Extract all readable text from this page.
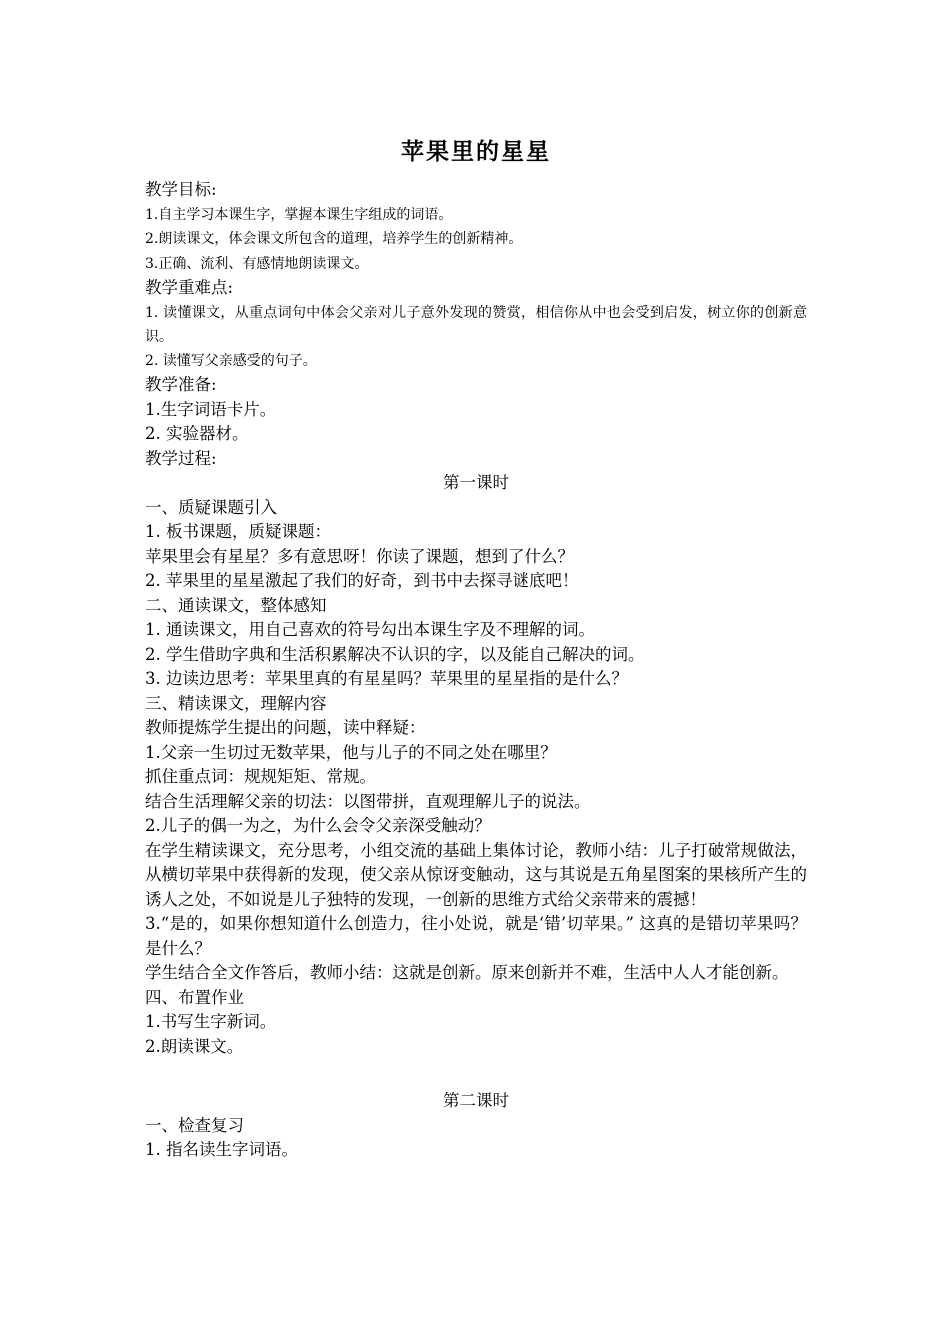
苹果里的星星

教学目标:

1.自主学习本课生字，掌握本课生字组成的词语。

2.朗读课文，体会课文所包含的道理，培养学生的创新精神。

3.正确、流利、有感情地朗读课文。

教学重难点:

1. 读懂课文，从重点词句中体会父亲对儿子意外发现的赞赏，相信你从中也会受到启发，树立你的创新意识。

2. 读懂写父亲感受的句子。

教学准备:

1.生字词语卡片。

2. 实验器材。

教学过程:

第一课时

一、质疑课题引入

1. 板书课题，质疑课题：

苹果里会有星星？多有意思呀！你读了课题，想到了什么？

2. 苹果里的星星激起了我们的好奇，到书中去探寻谜底吧！

二、通读课文，整体感知

1. 通读课文，用自己喜欢的符号勾出本课生字及不理解的词。

2. 学生借助字典和生活积累解决不认识的字，以及能自己解决的词。

3. 边读边思考：苹果里真的有星星吗？苹果里的星星指的是什么？

三、精读课文，理解内容

教师提炼学生提出的问题，读中释疑：

1.父亲一生切过无数苹果，他与儿子的不同之处在哪里？

抓住重点词：规规矩矩、常规。

结合生活理解父亲的切法：以图带拼，直观理解儿子的说法。

2.儿子的偶一为之，为什么会令父亲深受触动？

在学生精读课文，充分思考，小组交流的基础上集体讨论，教师小结：儿子打破常规做法，从横切苹果中获得新的发现，使父亲从惊讶变触动，这与其说是五角星图案的果核所产生的诱人之处，不如说是儿子独特的发现，一创新的思维方式给父亲带来的震撼！

3.“是的，如果你想知道什么创造力，往小处说，就是‘错’切苹果。” 这真的是错切苹果吗？是什么？

学生结合全文作答后，教师小结：这就是创新。原来创新并不难，生活中人人才能创新。

四、布置作业

1.书写生字新词。

2.朗读课文。

第二课时

一、检查复习

1. 指名读生字词语。
